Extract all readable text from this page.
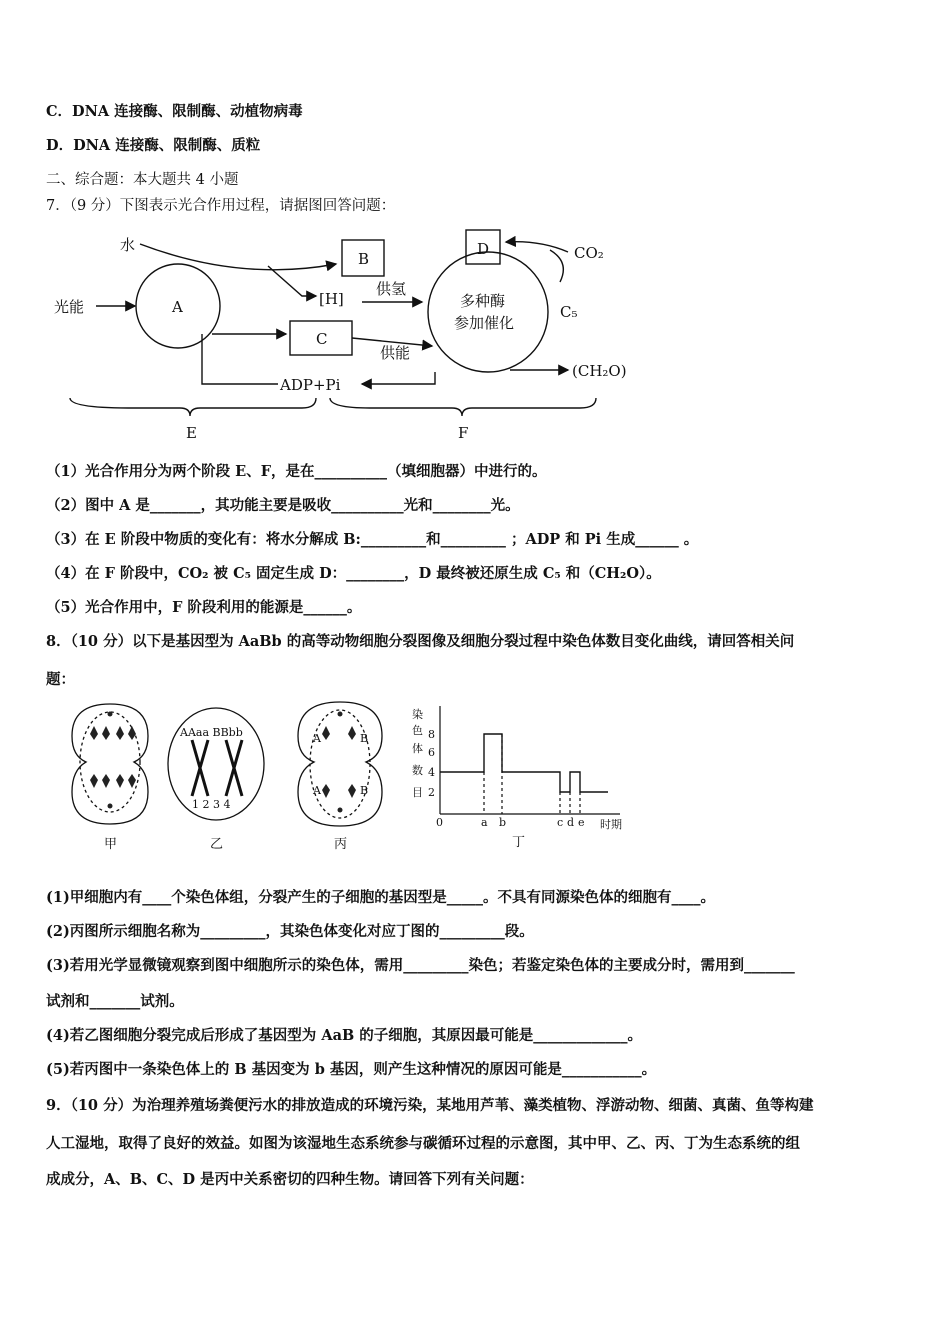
C．DNA 连接酶、限制酶、动植物病毒
D．DNA 连接酶、限制酶、质粒
二、综合题：本大题共 4 小题
7．（9 分）下图表示光合作用过程，请据图回答问题：
水
光能	A
B
[H]
供氢
D	CO₂
C₅
多种酶
参加催化
C
供能
ADP+Pi
(CH₂O)
E	F
（1）光合作用分为两个阶段 E、F，是在__________（填细胞器）中进行的。
（2）图中 A 是_______，其功能主要是吸收__________光和________光。
（3）在 E 阶段中物质的变化有：将水分解成 B:_________和_________ ；ADP 和 Pi 生成______ 。
（4）在 F 阶段中，CO₂ 被 C₅ 固定生成 D：________，D 最终被还原生成 C₅ 和（CH₂O）。
（5）光合作用中，F 阶段利用的能源是______。
8．（10 分）以下是基因型为 AaBb 的高等动物细胞分裂图像及细胞分裂过程中染色体数目变化曲线，请回答相关问
题：
AAaa BBbb
1 2 3 4
A	B
A	B
染
色
体
数
目
8
6
4
2
0	a b	c d e 时期
甲	乙	丙	丁
(1)甲细胞内有____个染色体组，分裂产生的子细胞的基因型是_____。不具有同源染色体的细胞有____。
(2)丙图所示细胞名称为_________，其染色体变化对应丁图的_________段。
(3)若用光学显微镜观察到图中细胞所示的染色体，需用_________染色；若鉴定染色体的主要成分时，需用到_______
试剂和_______试剂。
(4)若乙图细胞分裂完成后形成了基因型为 AaB 的子细胞，其原因最可能是_____________。
(5)若丙图中一条染色体上的 B 基因变为 b 基因，则产生这种情况的原因可能是___________。
9．（10 分）为治理养殖场粪便污水的排放造成的环境污染，某地用芦苇、藻类植物、浮游动物、细菌、真菌、鱼等构建
人工湿地，取得了良好的效益。如图为该湿地生态系统参与碳循环过程的示意图，其中甲、乙、丙、丁为生态系统的组
成成分，A、B、C、D 是丙中关系密切的四种生物。请回答下列有关问题：
